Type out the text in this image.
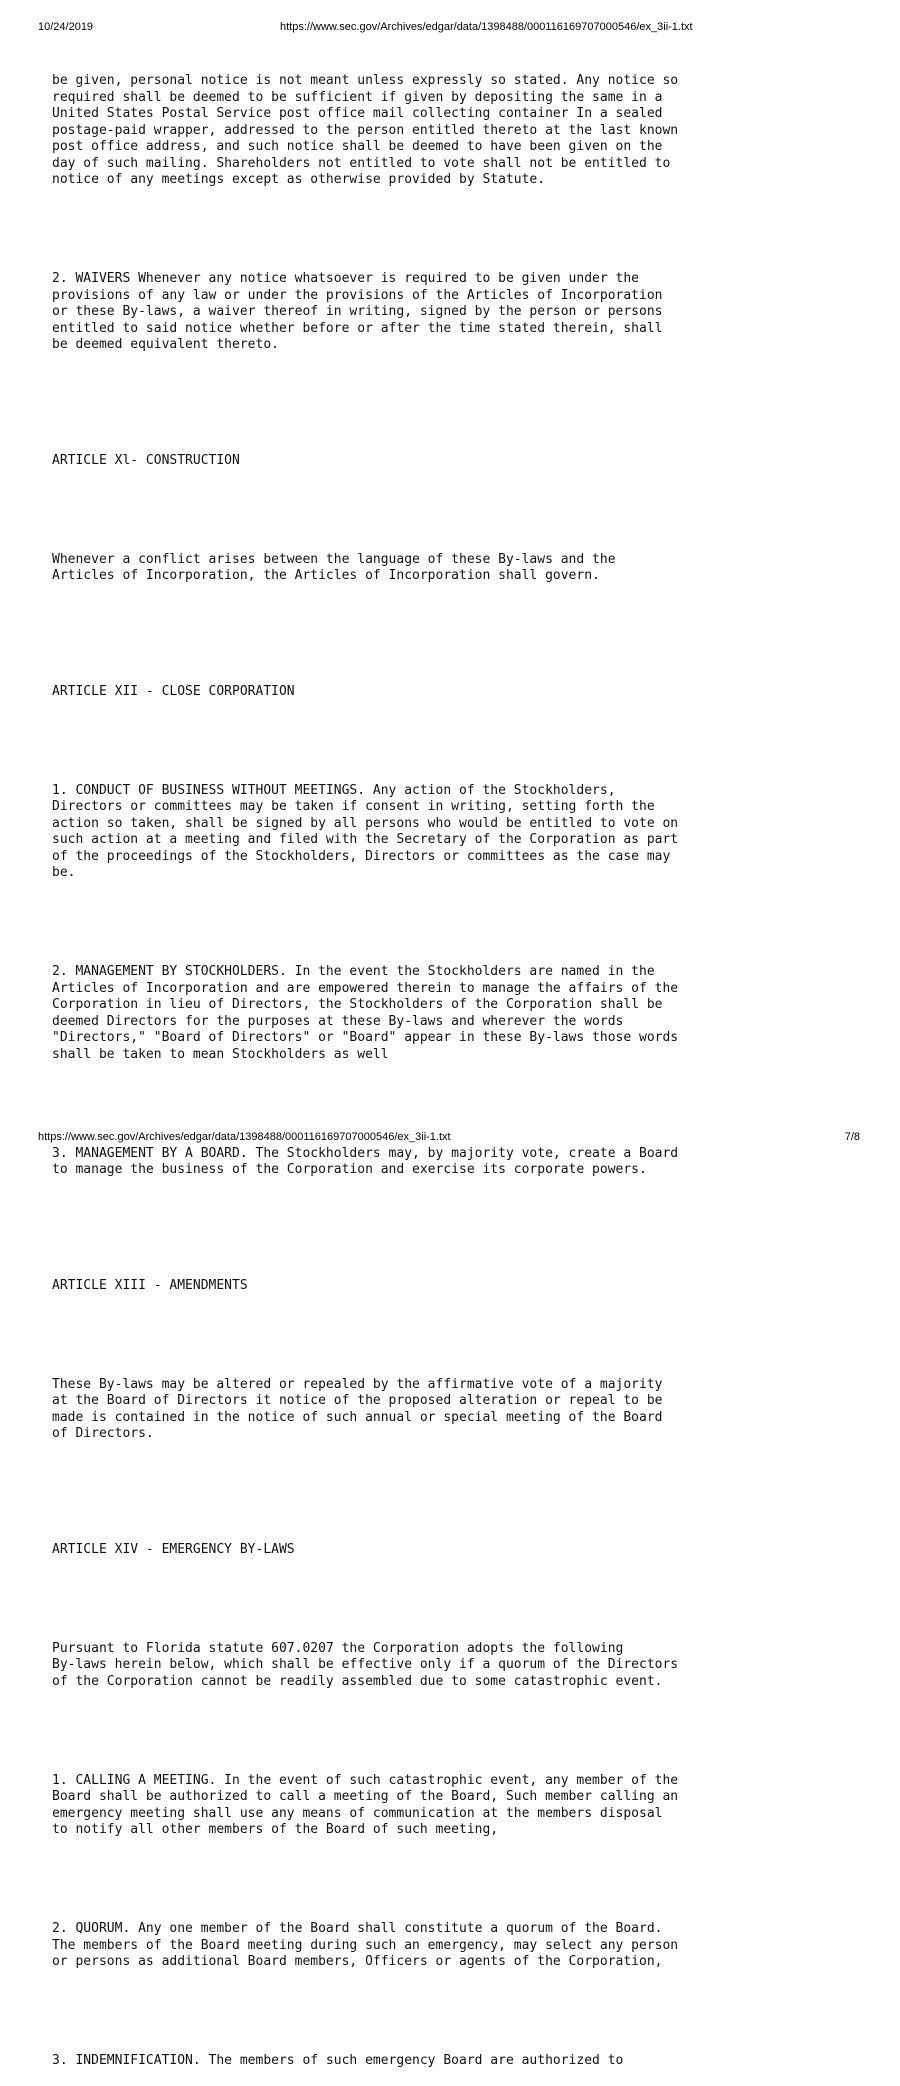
10/24/2019	https://www.sec.gov/Archives/edgar/data/1398488/000116169707000546/ex_3ii-1.txt

be given, personal notice is not meant unless expressly so stated. Any notice so
required shall be deemed to be sufficient if given by depositing the same in a
United States Postal Service post office mail collecting container In a sealed
postage-paid wrapper, addressed to the person entitled thereto at the last known
post office address, and such notice shall be deemed to have been given on the
day of such mailing. Shareholders not entitled to vote shall not be entitled to
notice of any meetings except as otherwise provided by Statute.

2. WAIVERS Whenever any notice whatsoever is required to be given under the
provisions of any law or under the provisions of the Articles of Incorporation
or these By-laws, a waiver thereof in writing, signed by the person or persons
entitled to said notice whether before or after the time stated therein, shall
be deemed equivalent thereto.

ARTICLE Xl- CONSTRUCTION

Whenever a conflict arises between the language of these By-laws and the
Articles of Incorporation, the Articles of Incorporation shall govern.

ARTICLE XII - CLOSE CORPORATION

1. CONDUCT OF BUSINESS WITHOUT MEETINGS. Any action of the Stockholders,
Directors or committees may be taken if consent in writing, setting forth the
action so taken, shall be signed by all persons who would be entitled to vote on
such action at a meeting and filed with the Secretary of the Corporation as part
of the proceedings of the Stockholders, Directors or committees as the case may
be.

2. MANAGEMENT BY STOCKHOLDERS. In the event the Stockholders are named in the
Articles of Incorporation and are empowered therein to manage the affairs of the
Corporation in lieu of Directors, the Stockholders of the Corporation shall be
deemed Directors for the purposes at these By-laws and wherever the words
"Directors," "Board of Directors" or "Board" appear in these By-laws those words
shall be taken to mean Stockholders as well

3. MANAGEMENT BY A BOARD. The Stockholders may, by majority vote, create a Board
to manage the business of the Corporation and exercise its corporate powers.

ARTICLE XIII - AMENDMENTS

These By-laws may be altered or repealed by the affirmative vote of a majority
at the Board of Directors it notice of the proposed alteration or repeal to be
made is contained in the notice of such annual or special meeting of the Board
of Directors.

ARTICLE XIV - EMERGENCY BY-LAWS

Pursuant to Florida statute 607.0207 the Corporation adopts the following
By-laws herein below, which shall be effective only if a quorum of the Directors
of the Corporation cannot be readily assembled due to some catastrophic event.

1. CALLING A MEETING. In the event of such catastrophic event, any member of the
Board shall be authorized to call a meeting of the Board, Such member calling an
emergency meeting shall use any means of communication at the members disposal
to notify all other members of the Board of such meeting,

2. QUORUM. Any one member of the Board shall constitute a quorum of the Board.
The members of the Board meeting during such an emergency, may select any person
or persons as additional Board members, Officers or agents of the Corporation,

3. INDEMNIFICATION. The members of such emergency Board are authorized to

https://www.sec.gov/Archives/edgar/data/1398488/000116169707000546/ex_3ii-1.txt	7/8
